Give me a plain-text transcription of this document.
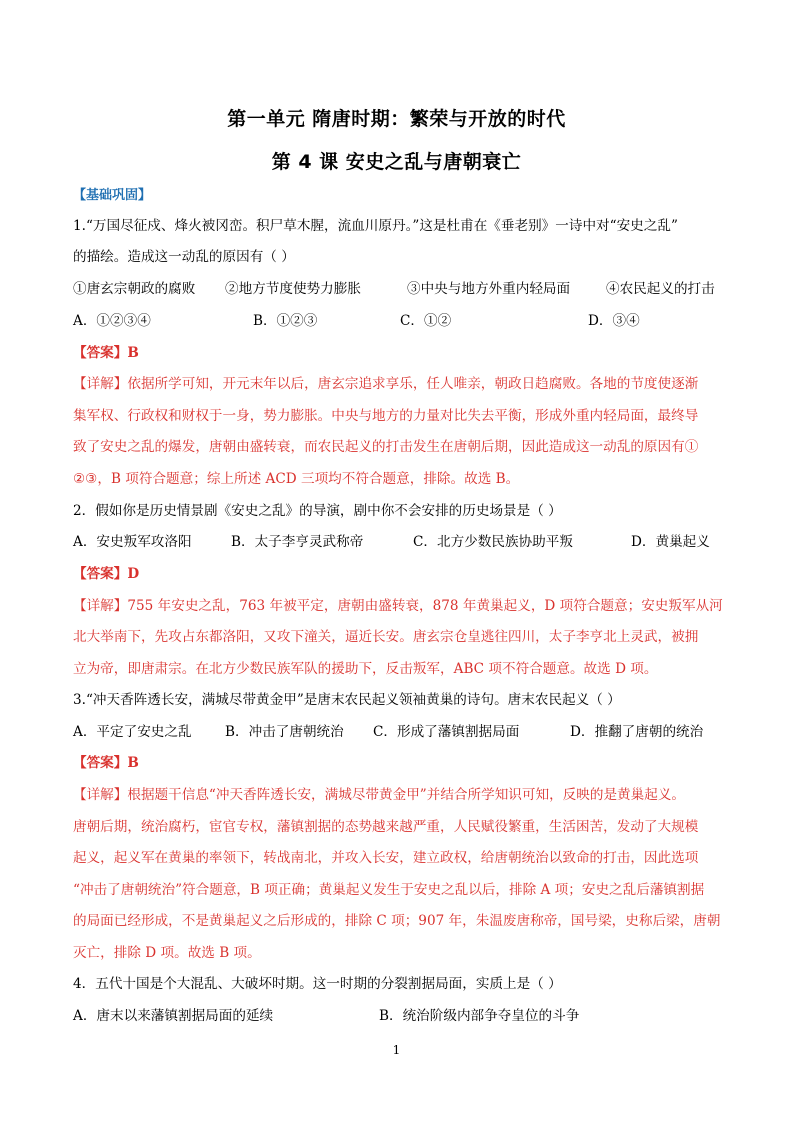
第一单元 隋唐时期：繁荣与开放的时代
第 4 课 安史之乱与唐朝衰亡
【基础巩固】
1.“万国尽征戍、烽火被冈峦。积尸草木腥，流血川原丹。”这是杜甫在《垂老别》一诗中对“安史之乱”
的描绘。造成这一动乱的原因有（ ）
①唐玄宗朝政的腐败	②地方节度使势力膨胀	③中央与地方外重内轻局面	④农民起义的打击
A．①②③④	B．①②③	C．①②	D．③④
【答案】B
【详解】依据所学可知，开元末年以后，唐玄宗追求享乐，任人唯亲，朝政日趋腐败。各地的节度使逐渐
集军权、行政权和财权于一身，势力膨胀。中央与地方的力量对比失去平衡，形成外重内轻局面，最终导
致了安史之乱的爆发，唐朝由盛转衰，而农民起义的打击发生在唐朝后期，因此造成这一动乱的原因有①
②③，B 项符合题意；综上所述 ACD 三项均不符合题意，排除。故选 B。
2．假如你是历史情景剧《安史之乱》的导演，剧中你不会安排的历史场景是（ ）
A．安史叛军攻洛阳	B．太子李亨灵武称帝	C．北方少数民族协助平叛	D．黄巢起义
【答案】D
【详解】755 年安史之乱，763 年被平定，唐朝由盛转衰，878 年黄巢起义，D 项符合题意；安史叛军从河
北大举南下，先攻占东都洛阳，又攻下潼关，逼近长安。唐玄宗仓皇逃往四川，太子李亨北上灵武，被拥
立为帝，即唐肃宗。在北方少数民族军队的援助下，反击叛军，ABC 项不符合题意。故选 D 项。
3.“冲天香阵透长安，满城尽带黄金甲”是唐末农民起义领袖黄巢的诗句。唐末农民起义（ ）
A．平定了安史之乱	B．冲击了唐朝统治	C．形成了藩镇割据局面	D．推翻了唐朝的统治
【答案】B
【详解】根据题干信息“冲天香阵透长安，满城尽带黄金甲”并结合所学知识可知，反映的是黄巢起义。
唐朝后期，统治腐朽，宦官专权，藩镇割据的态势越来越严重，人民赋役繁重，生活困苦，发动了大规模
起义，起义军在黄巢的率领下，转战南北，并攻入长安，建立政权，给唐朝统治以致命的打击，因此选项
“冲击了唐朝统治”符合题意，B 项正确；黄巢起义发生于安史之乱以后，排除 A 项；安史之乱后藩镇割据
的局面已经形成，不是黄巢起义之后形成的，排除 C 项；907 年，朱温废唐称帝，国号梁，史称后梁，唐朝
灭亡，排除 D 项。故选 B 项。
4．五代十国是个大混乱、大破坏时期。这一时期的分裂割据局面，实质上是（ ）
A．唐末以来藩镇割据局面的延续	B．统治阶级内部争夺皇位的斗争
1
